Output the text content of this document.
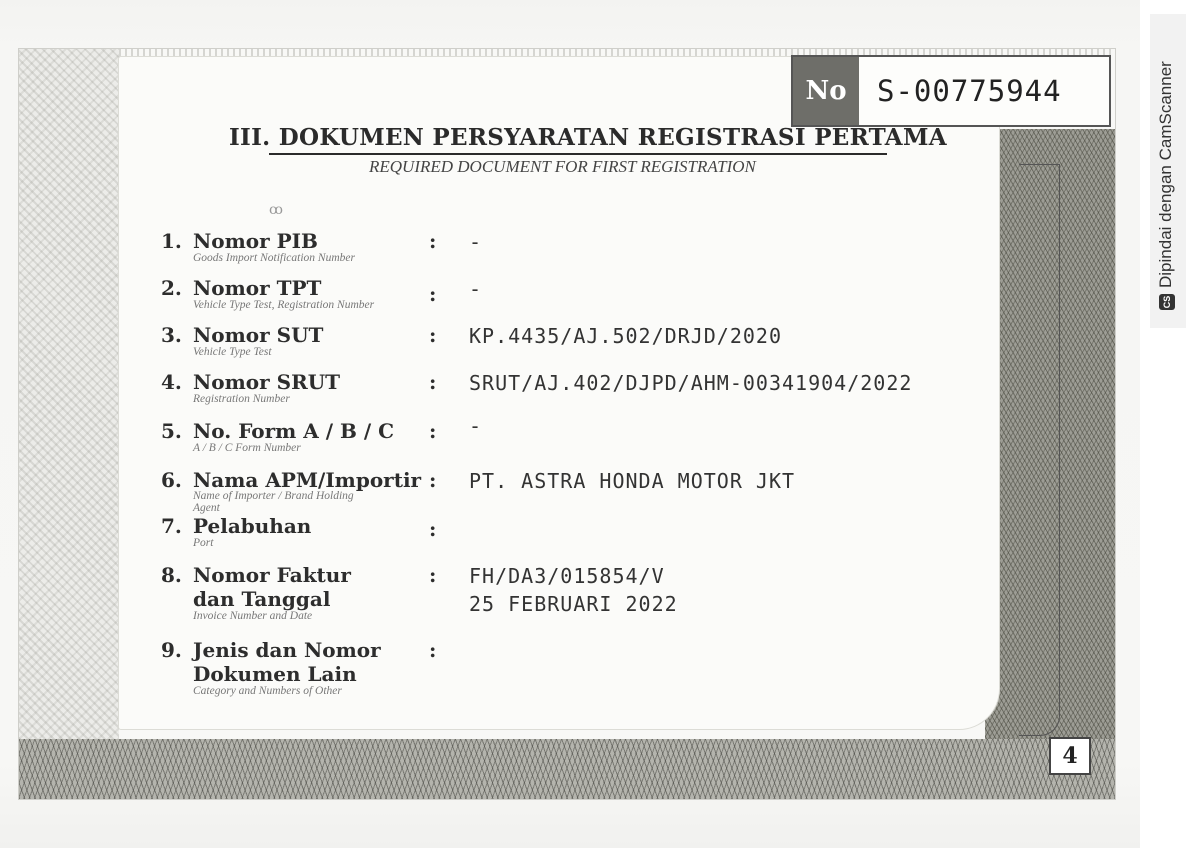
No	S-00775944
III. DOKUMEN PERSYARATAN REGISTRASI PERTAMA
REQUIRED DOCUMENT FOR FIRST REGISTRATION
ꝏ
1. Nomor PIB
Goods Import Notification Number
: -
2. Nomor TPT
Vehicle Type Test, Registration Number	: -
3. Nomor SUT
Vehicle Type Test
: KP.4435/AJ.502/DRJD/2020
4. Nomor SRUT
Registration Number
: SRUT/AJ.402/DJPD/AHM-00341904/2022
5. No. Form A / B / C
A / B / C Form Number
: -
6. Nama APM/Importir
Name of Importer / Brand Holding
Agent
: PT. ASTRA HONDA MOTOR JKT
7. Pelabuhan
Port
:
8. Nomor Faktur
dan Tanggal
Invoice Number and Date
: FH/DA3/015854/V
25 FEBRUARI 2022
9. Jenis dan Nomor
Dokumen Lain
Category and Numbers of Other
:
4
CSDipindai dengan CamScanner
